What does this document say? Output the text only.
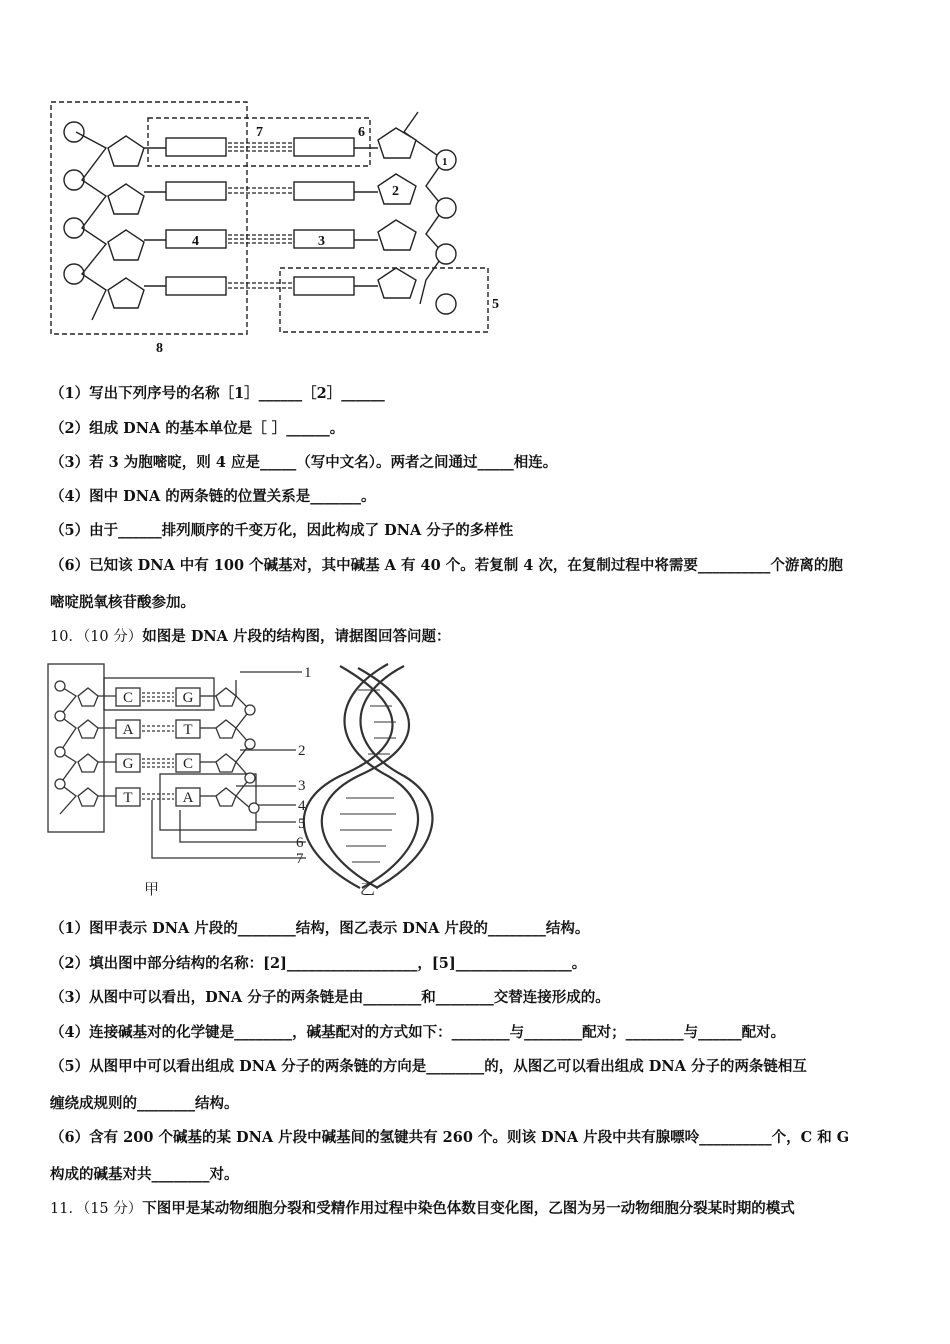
1
2
3
4
5
6
7
8
（1）写出下列序号的名称［1］______［2］______
（2）组成 DNA 的基本单位是［ ］______。
（3）若 3 为胞嘧啶，则 4 应是_____（写中文名）。两者之间通过_____相连。
（4）图中 DNA 的两条链的位置关系是_______。
（5）由于______排列顺序的千变万化，因此构成了 DNA 分子的多样性
（6）已知该 DNA 中有 100 个碱基对，其中碱基 A 有 40 个。若复制 4 次，在复制过程中将需要__________个游离的胞
嘧啶脱氧核苷酸参加。
10．（10 分）如图是 DNA 片段的结构图，请据图回答问题：
C
A
G
T
G
T
C
A
1
2
3
4
5
6
7
甲	乙
（1）图甲表示 DNA 片段的________结构，图乙表示 DNA 片段的________结构。
（2）填出图中部分结构的名称：[2]__________________，[5]________________。
（3）从图中可以看出，DNA 分子的两条链是由________和________交替连接形成的。
（4）连接碱基对的化学键是________，碱基配对的方式如下：________与________配对；________与______配对。
（5）从图甲中可以看出组成 DNA 分子的两条链的方向是________的，从图乙可以看出组成 DNA 分子的两条链相互
缠绕成规则的________结构。
（6）含有 200 个碱基的某 DNA 片段中碱基间的氢键共有 260 个。则该 DNA 片段中共有腺嘌呤__________个，C 和 G
构成的碱基对共________对。
11．（15 分）下图甲是某动物细胞分裂和受精作用过程中染色体数目变化图，乙图为另一动物细胞分裂某时期的模式
